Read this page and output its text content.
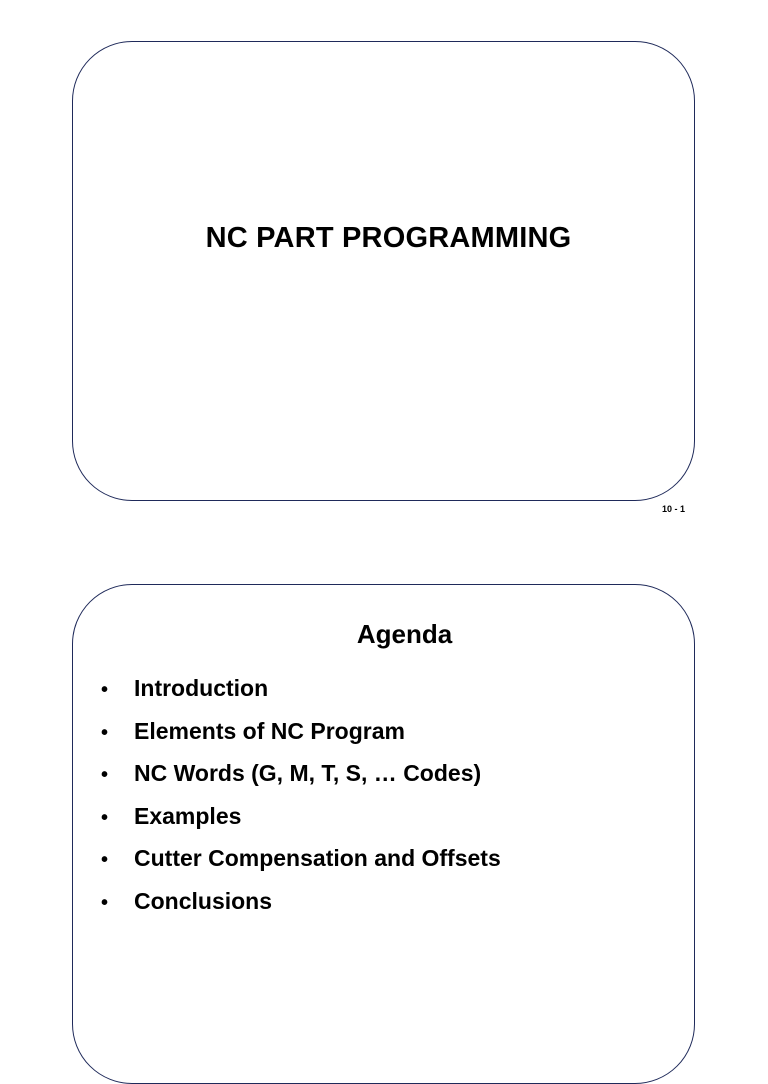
NC PART PROGRAMMING
10 - 1
Agenda
•	Introduction
•	Elements of NC Program
•	NC Words (G, M, T, S, … Codes)
•	Examples
•	Cutter Compensation and Offsets
•	Conclusions
